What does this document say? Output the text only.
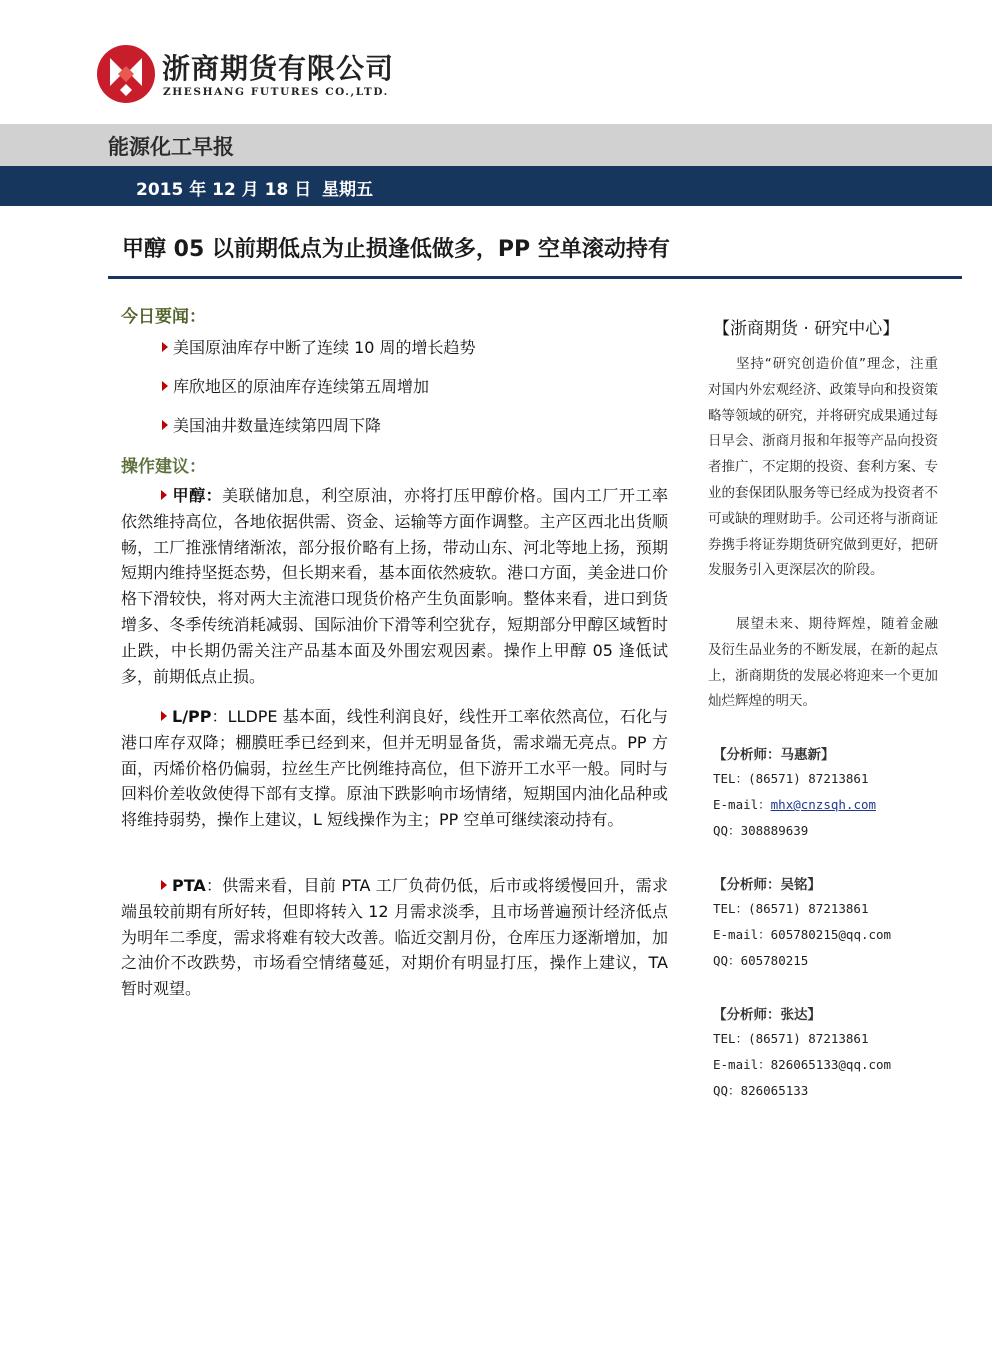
浙商期货有限公司
ZHESHANG FUTURES CO.,LTD.
能源化工早报
2015 年 12 月 18 日 星期五
甲醇 05 以前期低点为止损逢低做多，PP 空单滚动持有
今日要闻：
美国原油库存中断了连续 10 周的增长趋势
库欣地区的原油库存连续第五周增加
美国油井数量连续第四周下降
操作建议：

甲醇：美联储加息，利空原油，亦将打压甲醇价格。国内工厂开工率依然维持高位，各地依据供需、资金、运输等方面作调整。主产区西北出货顺畅，工厂推涨情绪渐浓，部分报价略有上扬，带动山东、河北等地上扬，预期短期内维持坚挺态势，但长期来看，基本面依然疲软。港口方面，美金进口价格下滑较快，将对两大主流港口现货价格产生负面影响。整体来看，进口到货增多、冬季传统消耗减弱、国际油价下滑等利空犹存，短期部分甲醇区域暂时止跌，中长期仍需关注产品基本面及外围宏观因素。操作上甲醇 05 逢低试多，前期低点止损。

L/PP：LLDPE 基本面，线性利润良好，线性开工率依然高位，石化与港口库存双降；棚膜旺季已经到来，但并无明显备货，需求端无亮点。PP 方面，丙烯价格仍偏弱，拉丝生产比例维持高位，但下游开工水平一般。同时与回料价差收敛使得下部有支撑。原油下跌影响市场情绪，短期国内油化品种或将维持弱势，操作上建议，L 短线操作为主；PP 空单可继续滚动持有。

PTA：供需来看，目前 PTA 工厂负荷仍低，后市或将缓慢回升，需求端虽较前期有所好转，但即将转入 12 月需求淡季，且市场普遍预计经济低点为明年二季度，需求将难有较大改善。临近交割月份，仓库压力逐渐增加，加之油价不改跌势，市场看空情绪蔓延，对期价有明显打压，操作上建议，TA 暂时观望。

【浙商期货 · 研究中心】

坚持“研究创造价值”理念，注重对国内外宏观经济、政策导向和投资策略等领域的研究，并将研究成果通过每日早会、浙商月报和年报等产品向投资者推广，不定期的投资、套利方案、专业的套保团队服务等已经成为投资者不可或缺的理财助手。公司还将与浙商证券携手将证券期货研究做到更好，把研发服务引入更深层次的阶段。

展望未来、期待辉煌，随着金融及衍生品业务的不断发展，在新的起点上，浙商期货的发展必将迎来一个更加灿烂辉煌的明天。

【分析师：马惠新】
TEL：(86571) 87213861
E-mail：mhx@cnzsqh.com
QQ：308889639
【分析师：吴铭】
TEL：(86571) 87213861
E-mail：605780215@qq.com
QQ：605780215
【分析师：张达】
TEL：(86571) 87213861
E-mail：826065133@qq.com
QQ：826065133
